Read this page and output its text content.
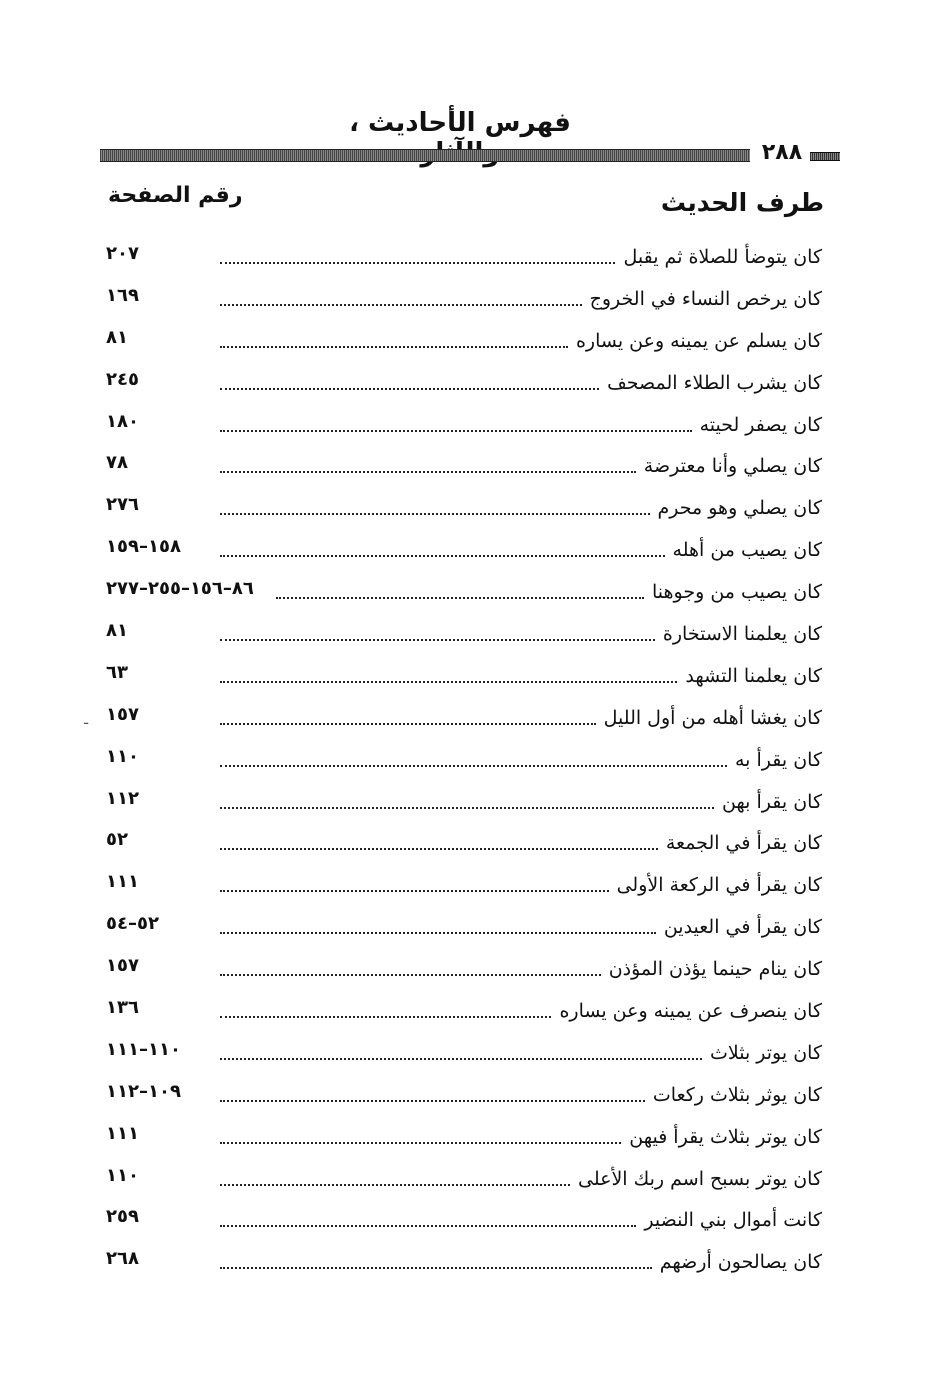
فهرس الأحاديث ،
٢٨٨
طرف الحديث
رقم الصفحة
ـ
كان يتوضأ للصلاة ثم يقبل
٢٠٧
كان يرخص النساء في الخروج
١٦٩
كان يسلم عن يمينه وعن يساره
٨١
كان يشرب الطلاء المصحف
٢٤٥
كان يصفر لحيته
١٨٠
كان يصلي وأنا معترضة
٧٨
كان يصلي وهو محرم
٢٧٦
كان يصيب من أهله
١٥٨–١٥٩
كان يصيب من وجوهنا
٨٦–١٥٦–٢٥٥–٢٧٧
كان يعلمنا الاستخارة
٨١
كان يعلمنا التشهد
٦٣
كان يغشا أهله من أول الليل
١٥٧
كان يقرأ به
١١٠
كان يقرأ بهن
١١٢
كان يقرأ في الجمعة
٥٢
كان يقرأ في الركعة الأولى
١١١
كان يقرأ في العيدين
٥٢–٥٤
كان ينام حينما يؤذن المؤذن
١٥٧
كان ينصرف عن يمينه وعن يساره
١٣٦
كان يوتر بثلاث
١١٠–١١١
كان يوثر بثلاث ركعات
١٠٩–١١٢
كان يوتر بثلاث يقرأ فيهن
١١١
كان يوتر بسبح اسم ربك الأعلى
١١٠
كانت أموال بني النضير
٢٥٩
كان يصالحون أرضهم
٢٦٨
